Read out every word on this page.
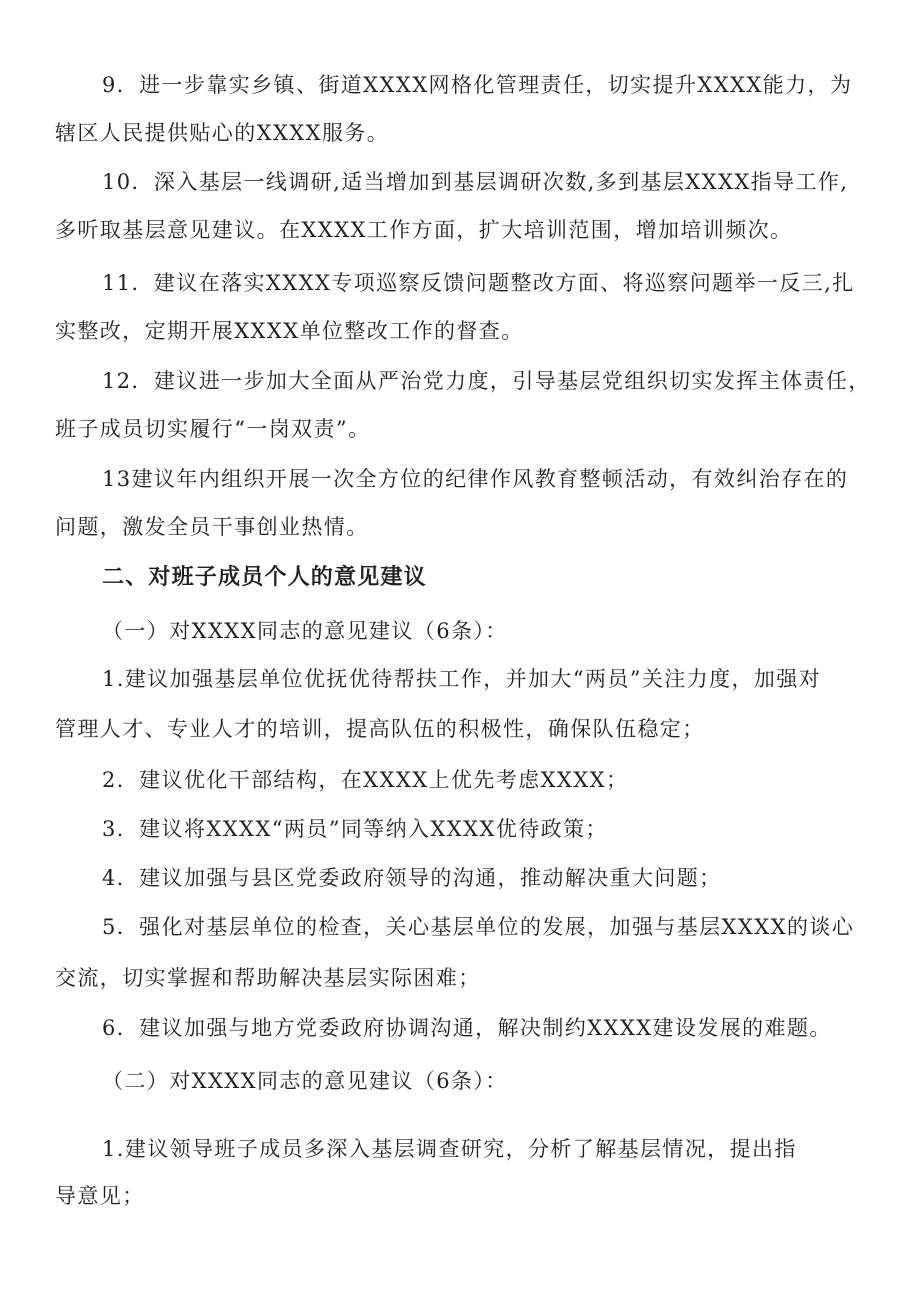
9．进一步靠实乡镇、街道XXXX网格化管理责任，切实提升XXXX能力，为
辖区人民提供贴心的XXXX服务。
10．深入基层一线调研,适当增加到基层调研次数,多到基层XXXX指导工作,
多听取基层意见建议。在XXXX工作方面，扩大培训范围，增加培训频次。
11．建议在落实XXXX专项巡察反馈问题整改方面、将巡察问题举一反三,扎
实整改，定期开展XXXX单位整改工作的督查。
12．建议进一步加大全面从严治党力度，引导基层党组织切实发挥主体责任，
班子成员切实履行“一岗双责”。
13建议年内组织开展一次全方位的纪律作风教育整顿活动，有效纠治存在的
问题，激发全员干事创业热情。
二、对班子成员个人的意见建议
（一）对XXXX同志的意见建议（6条）：
1.建议加强基层单位优抚优待帮扶工作，并加大“两员”关注力度，加强对
管理人才、专业人才的培训，提高队伍的积极性，确保队伍稳定；
2．建议优化干部结构，在XXXX上优先考虑XXXX；
3．建议将XXXX“两员”同等纳入XXXX优待政策；
4．建议加强与县区党委政府领导的沟通，推动解决重大问题；
5．强化对基层单位的检查，关心基层单位的发展，加强与基层XXXX的谈心
交流，切实掌握和帮助解决基层实际困难；
6．建议加强与地方党委政府协调沟通，解决制约XXXX建设发展的难题。
（二）对XXXX同志的意见建议（6条）：
1.建议领导班子成员多深入基层调查研究，分析了解基层情况，提出指
导意见；
